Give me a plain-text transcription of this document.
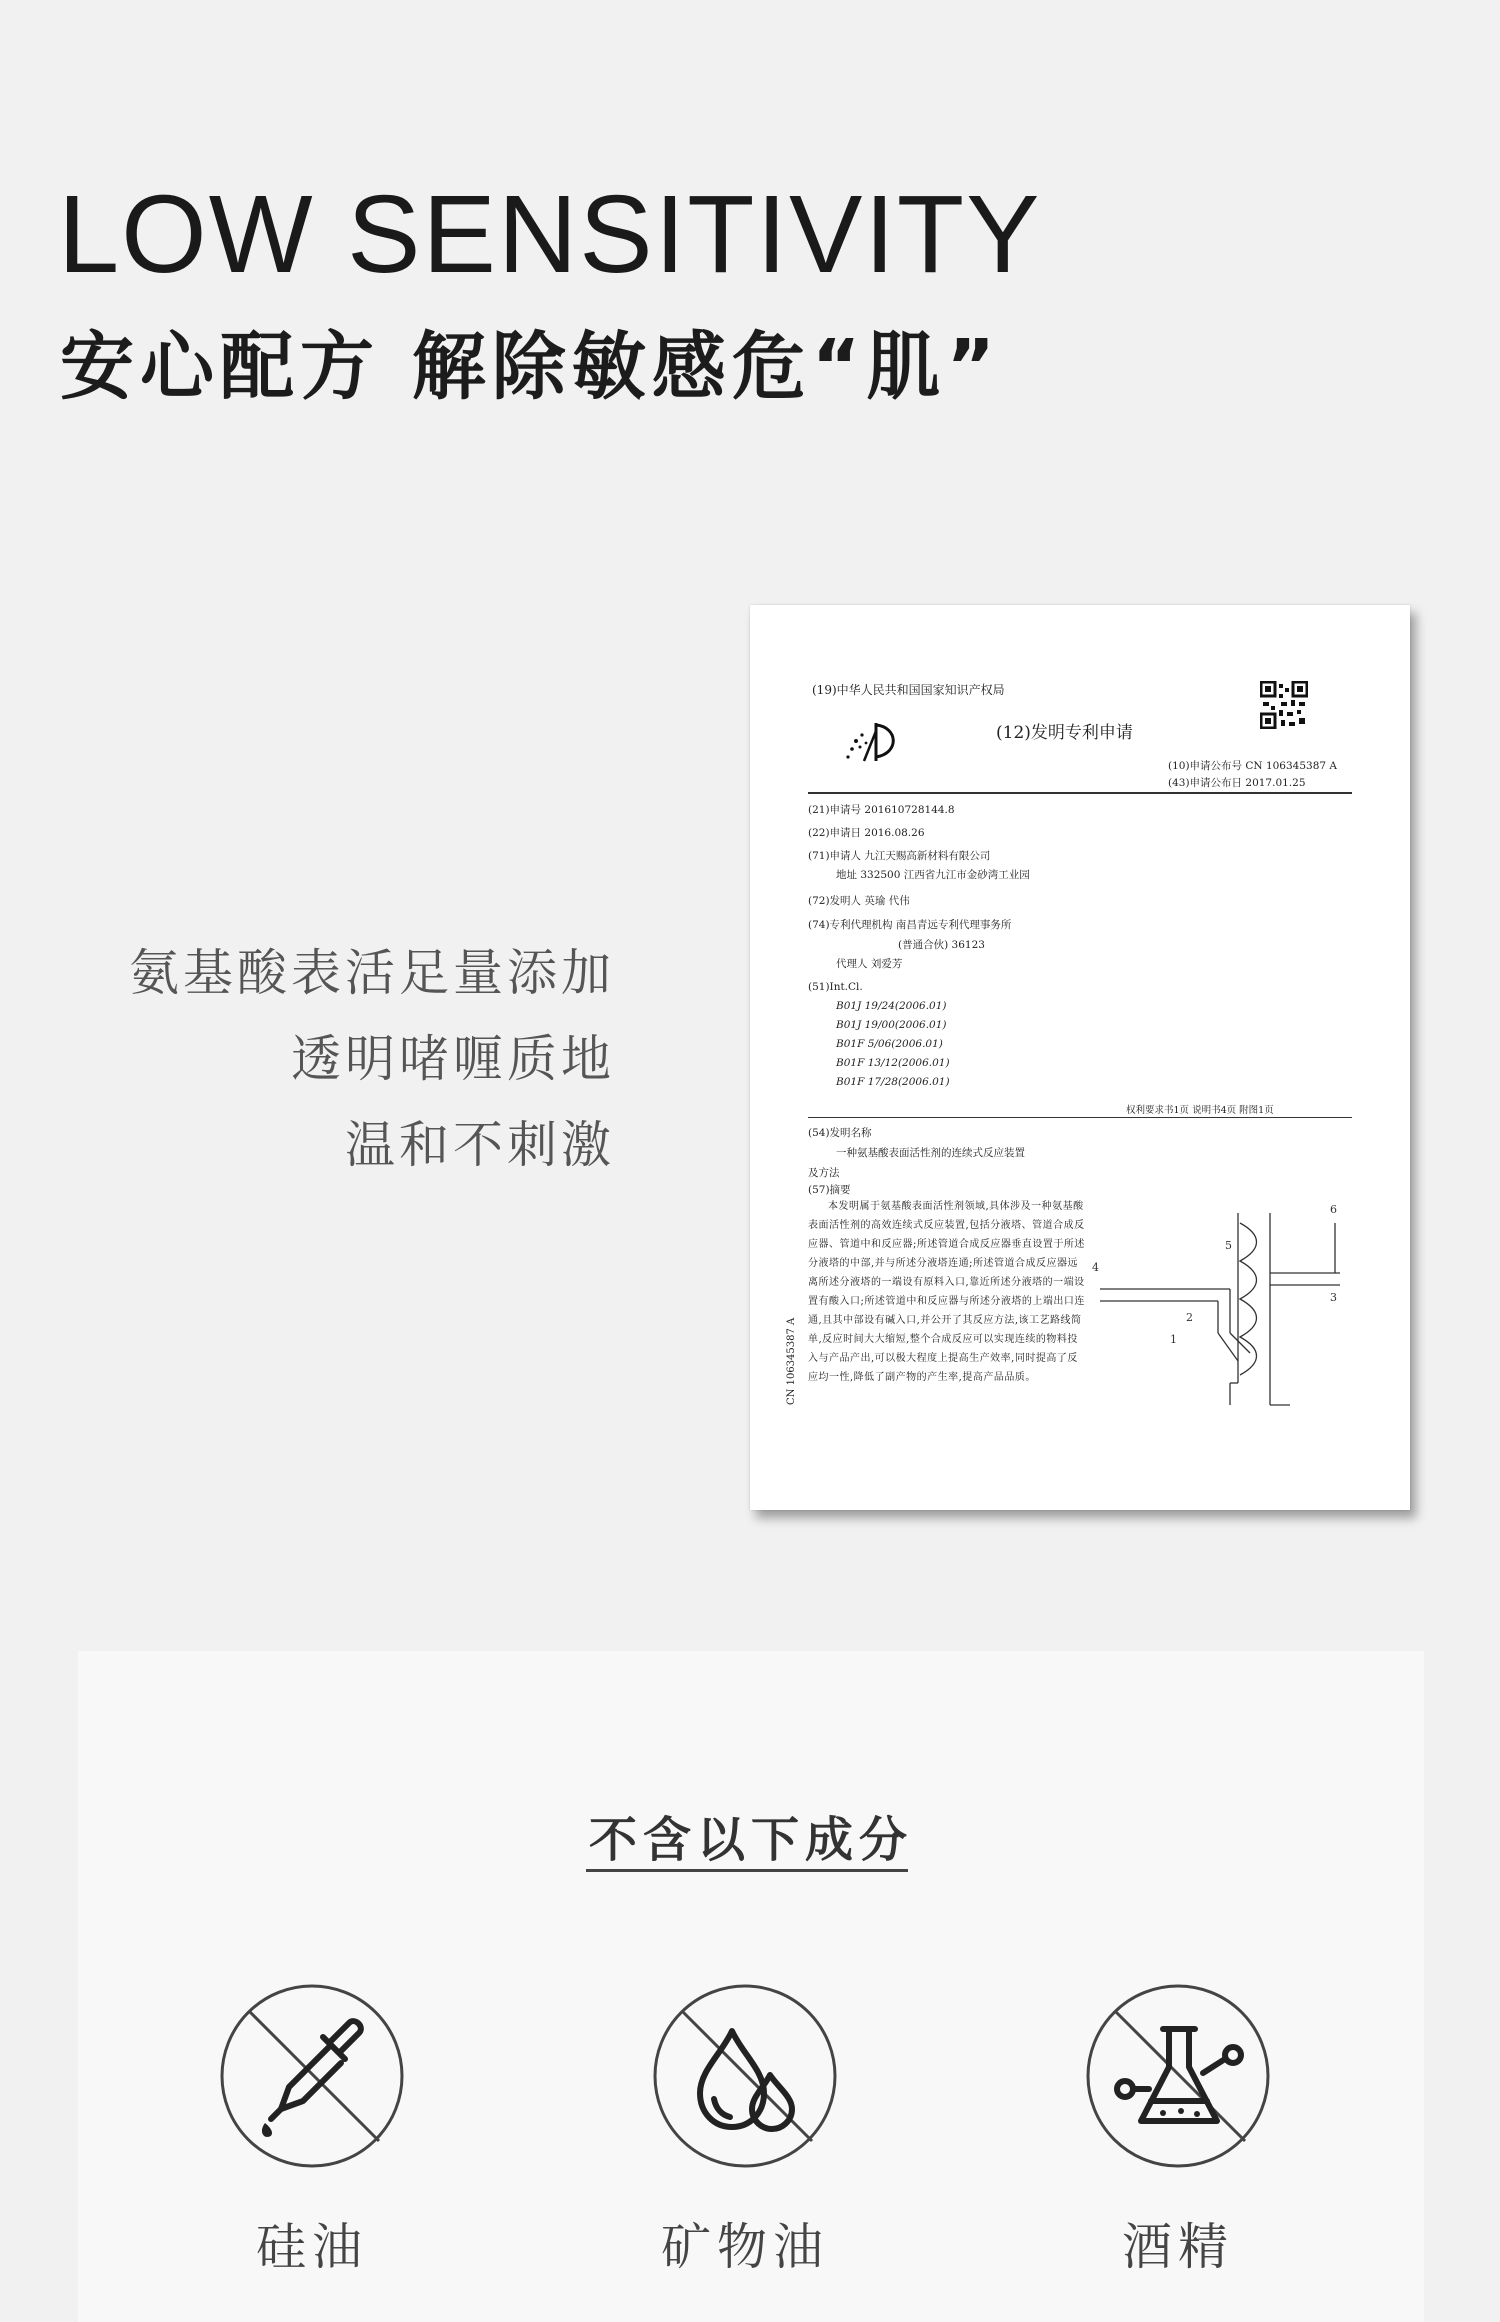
LOW SENSITIVITY
安心配方 解除敏感危“肌”
氨基酸表活足量添加
透明啫喱质地
温和不刺激
(19)中华人民共和国国家知识产权局
(12)发明专利申请
(10)申请公布号 CN 106345387 A
(43)申请公布日 2017.01.25
(21)申请号 201610728144.8
(22)申请日 2016.08.26
(71)申请人 九江天赐高新材料有限公司
地址 332500 江西省九江市金砂湾工业园
(72)发明人 英瑜 代伟
(74)专利代理机构 南昌青远专利代理事务所
(普通合伙) 36123
代理人 刘爱芳
(51)Int.Cl.
B01J 19/24(2006.01)
B01J 19/00(2006.01)
B01F 5/06(2006.01)
B01F 13/12(2006.01)
B01F 17/28(2006.01)
权利要求书1页 说明书4页 附图1页
(54)发明名称
一种氨基酸表面活性剂的连续式反应装置
及方法
(57)摘要
本发明属于氨基酸表面活性剂领域,具体涉及一种氨基酸表面活性剂的高效连续式反应装置,包括分液塔、管道合成反应器、管道中和反应器;所述管道合成反应器垂直设置于所述分液塔的中部,并与所述分液塔连通;所述管道合成反应器远离所述分液塔的一端设有原料入口,靠近所述分液塔的一端设置有酸入口;所述管道中和反应器与所述分液塔的上端出口连通,且其中部设有碱入口,并公开了其反应方法,该工艺路线简单,反应时间大大缩短,整个合成反应可以实现连续的物料投入与产品产出,可以极大程度上提高生产效率,同时提高了反应均一性,降低了副产物的产生率,提高产品品质。
CN 106345387 A	1
2
3
4
5
6
不含以下成分
硅油	矿物油	酒精
